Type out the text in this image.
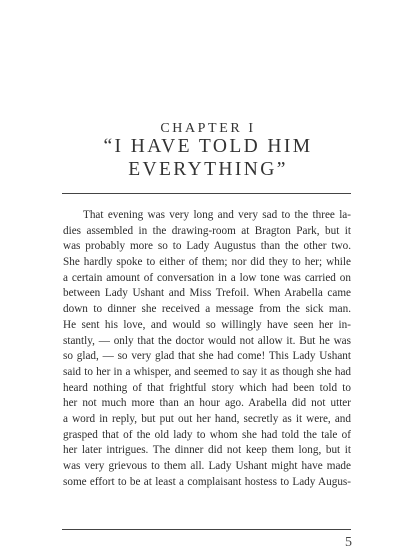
CHAPTER I
“I HAVE TOLD HIM
EVERYTHING”
That evening was very long and very sad to the three la-
dies assembled in the drawing-room at Bragton Park, but it
was probably more so to Lady Augustus than the other two.
She hardly spoke to either of them; nor did they to her; while
a certain amount of conversation in a low tone was carried on
between Lady Ushant and Miss Trefoil. When Arabella came
down to dinner she received a message from the sick man.
He sent his love, and would so willingly have seen her in-
stantly, — only that the doctor would not allow it. But he was
so glad, — so very glad that she had come! This Lady Ushant
said to her in a whisper, and seemed to say it as though she had
heard nothing of that frightful story which had been told to
her not much more than an hour ago. Arabella did not utter
a word in reply, but put out her hand, secretly as it were, and
grasped that of the old lady to whom she had told the tale of
her later intrigues. The dinner did not keep them long, but it
was very grievous to them all. Lady Ushant might have made
some effort to be at least a complaisant hostess to Lady Augus-
5
